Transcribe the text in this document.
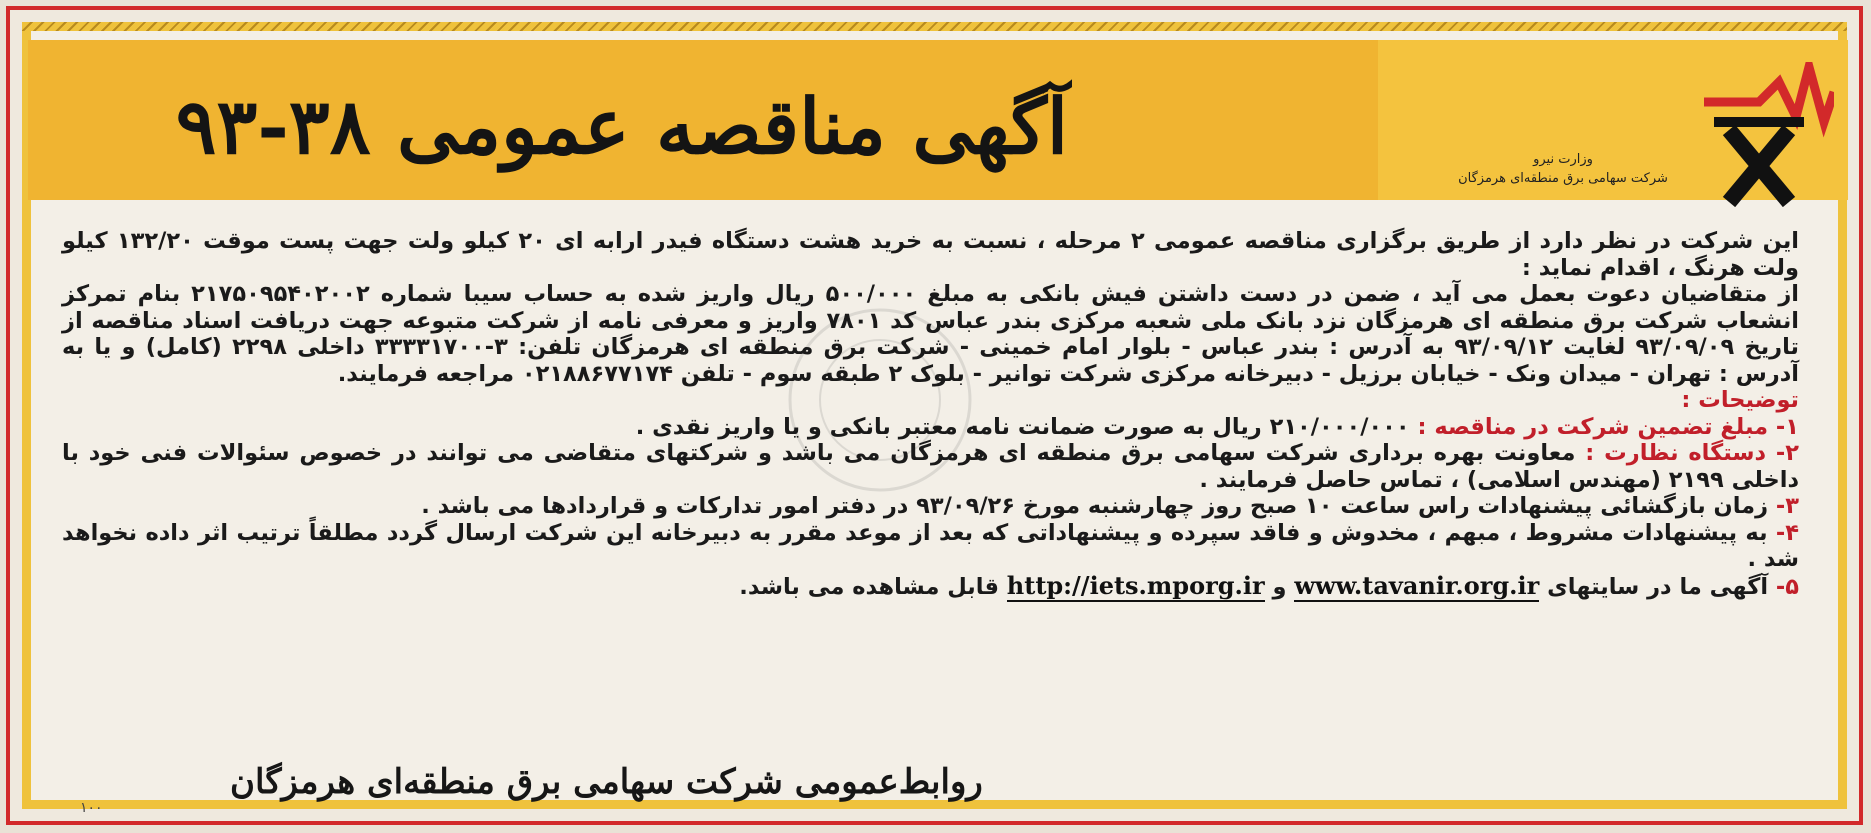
آگهی مناقصه عمومی ۳۸-۹۳	وزارت نیرو
شرکت سهامی برق منطقه‌ای هرمزگان

این شرکت در نظر دارد از طریق برگزاری مناقصه عمومی ۲ مرحله ، نسبت به خرید هشت دستگاه فیدر ارابه ای ۲۰ کیلو ولت جهت پست موقت ۱۳۲/۲۰ کیلو ولت هرنگ ، اقدام نماید :

از متقاضیان دعوت بعمل می آید ، ضمن در دست داشتن فیش بانکی به مبلغ ۵۰۰/۰۰۰ ریال واریز شده به حساب سیبا شماره ۲۱۷۵۰۹۵۴۰۲۰۰۲ بنام تمرکز انشعاب شرکت برق منطقه ای هرمزگان نزد بانک ملی شعبه مرکزی بندر عباس کد ۷۸۰۱ واریز و معرفی نامه از شرکت متبوعه جهت دریافت اسناد مناقصه از تاریخ ۹۳/۰۹/۰۹ لغایت ۹۳/۰۹/۱۲ به آدرس : بندر عباس - بلوار امام خمینی - شرکت برق منطقه ای هرمزگان تلفن: ۳-۳۳۳۳۱۷۰۰ داخلی ۲۲۹۸ (کامل) و یا به آدرس : تهران - میدان ونک - خیابان برزیل - دبیرخانه مرکزی شرکت توانیر - بلوک ۲ طبقه سوم - تلفن ۰۲۱۸۸۶۷۷۱۷۴ مراجعه فرمایند.

توضیحات :

۱- مبلغ تضمین شرکت در مناقصه : ۲۱۰/۰۰۰/۰۰۰ ریال به صورت ضمانت نامه معتبر بانکی و یا واریز نقدی .

۲- دستگاه نظارت : معاونت بهره برداری شرکت سهامی برق منطقه ای هرمزگان می باشد و شرکتهای متقاضی می توانند در خصوص سئوالات فنی خود با داخلی ۲۱۹۹ (مهندس اسلامی) ، تماس حاصل فرمایند .

۳- زمان بازگشائی پیشنهادات راس ساعت ۱۰ صبح روز چهارشنبه مورخ ۹۳/۰۹/۲۶ در دفتر امور تدارکات و قراردادها می باشد .

۴- به پیشنهادات مشروط ، مبهم ، مخدوش و فاقد سپرده و پیشنهاداتی که بعد از موعد مقرر به دبیرخانه این شرکت ارسال گردد مطلقاً ترتیب اثر داده نخواهد شد .

۵- آگهی ما در سایتهای www.tavanir.org.ir و http://iets.mporg.ir قابل مشاهده می باشد.

روابط‌عمومی شرکت سهامی برق منطقه‌ای هرمزگان
۱۰۰
